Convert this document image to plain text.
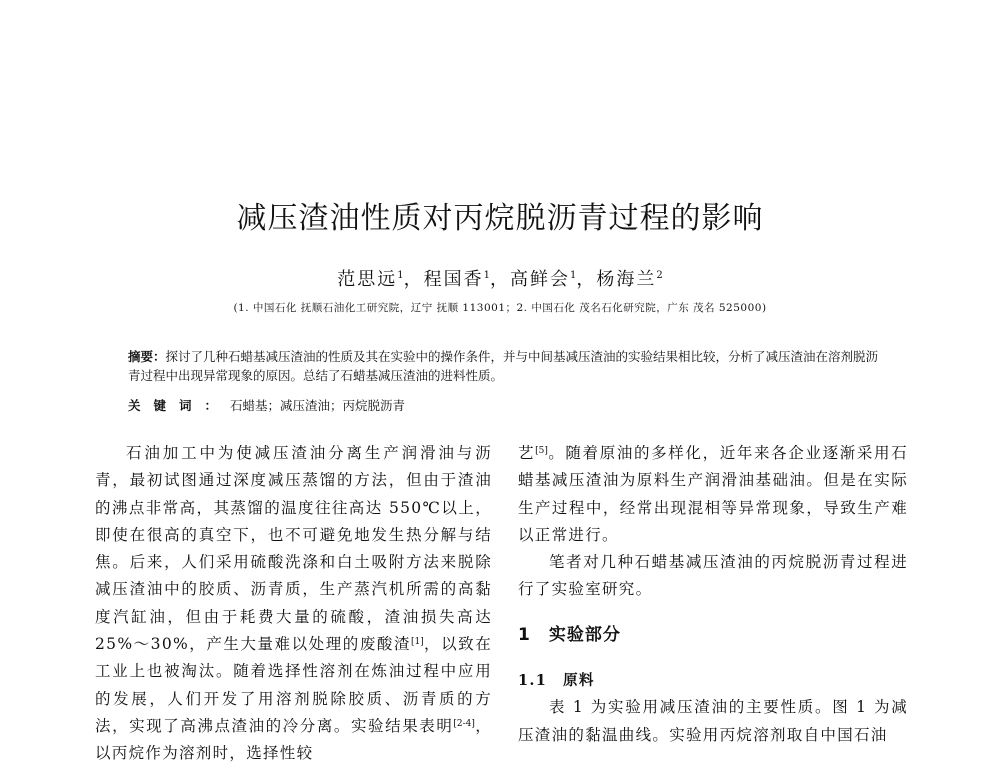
减压渣油性质对丙烷脱沥青过程的影响
范思远$^1$，程国香$^1$，高鲜会$^1$，杨海兰$^2$
(1. 中国石化 抚顺石油化工研究院，辽宁 抚顺 113001；2. 中国石化 茂名石化研究院，广东 茂名 525000)
摘要：探讨了几种石蜡基减压渣油的性质及其在实验中的操作条件，并与中间基减压渣油的实验结果相比较，分析了减压渣油在溶剂脱沥青过程中出现异常现象的原因。总结了石蜡基减压渣油的进料性质。
关键词：石蜡基；减压渣油；丙烷脱沥青

石油加工中为使减压渣油分离生产润滑油与沥青，最初试图通过深度减压蒸馏的方法，但由于渣油的沸点非常高，其蒸馏的温度往往高达 550℃以上，即使在很高的真空下，也不可避免地发生热分解与结焦。后来，人们采用硫酸洗涤和白土吸附方法来脱除减压渣油中的胶质、沥青质，生产蒸汽机所需的高黏度汽缸油，但由于耗费大量的硫酸，渣油损失高达 25%～30%，产生大量难以处理的废酸渣[1]，以致在工业上也被淘汰。随着选择性溶剂在炼油过程中应用的发展，人们开发了用溶剂脱除胶质、沥青质的方法，实现了高沸点渣油的冷分离。实验结果表明[2-4]，以丙烷作为溶剂时，选择性较

艺[5]。随着原油的多样化，近年来各企业逐渐采用石蜡基减压渣油为原料生产润滑油基础油。但是在实际生产过程中，经常出现混相等异常现象，导致生产难以正常进行。

笔者对几种石蜡基减压渣油的丙烷脱沥青过程进行了实验室研究。

1 实验部分

1.1 原料

表 1 为实验用减压渣油的主要性质。图 1 为减压渣油的黏温曲线。实验用丙烷溶剂取自中国石油
